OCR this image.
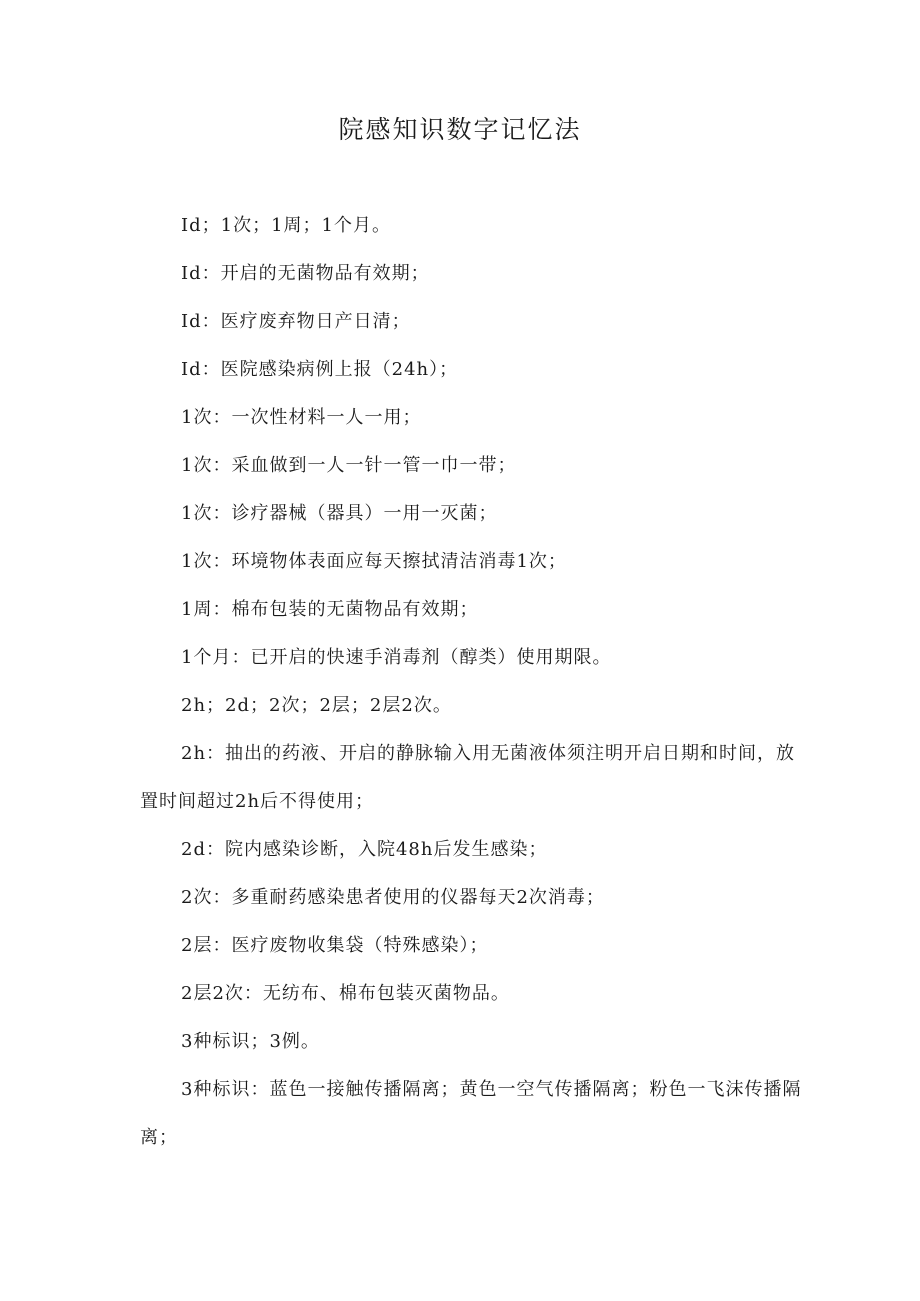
院感知识数字记忆法

Id；1次；1周；1个月。

Id：开启的无菌物品有效期；

Id：医疗废弃物日产日清；

Id：医院感染病例上报（24h）；

1次：一次性材料一人一用；

1次：采血做到一人一针一管一巾一带；

1次：诊疗器械（器具）一用一灭菌；

1次：环境物体表面应每天擦拭清洁消毒1次；

1周：棉布包装的无菌物品有效期；

1个月：已开启的快速手消毒剂（醇类）使用期限。

2h；2d；2次；2层；2层2次。

2h：抽出的药液、开启的静脉输入用无菌液体须注明开启日期和时间，放置时间超过2h后不得使用；

2d：院内感染诊断，入院48h后发生感染；

2次：多重耐药感染患者使用的仪器每天2次消毒；

2层：医疗废物收集袋（特殊感染）；

2层2次：无纺布、棉布包装灭菌物品。

3种标识；3例。

3种标识：蓝色一接触传播隔离；黄色一空气传播隔离；粉色一飞沫传播隔离；
